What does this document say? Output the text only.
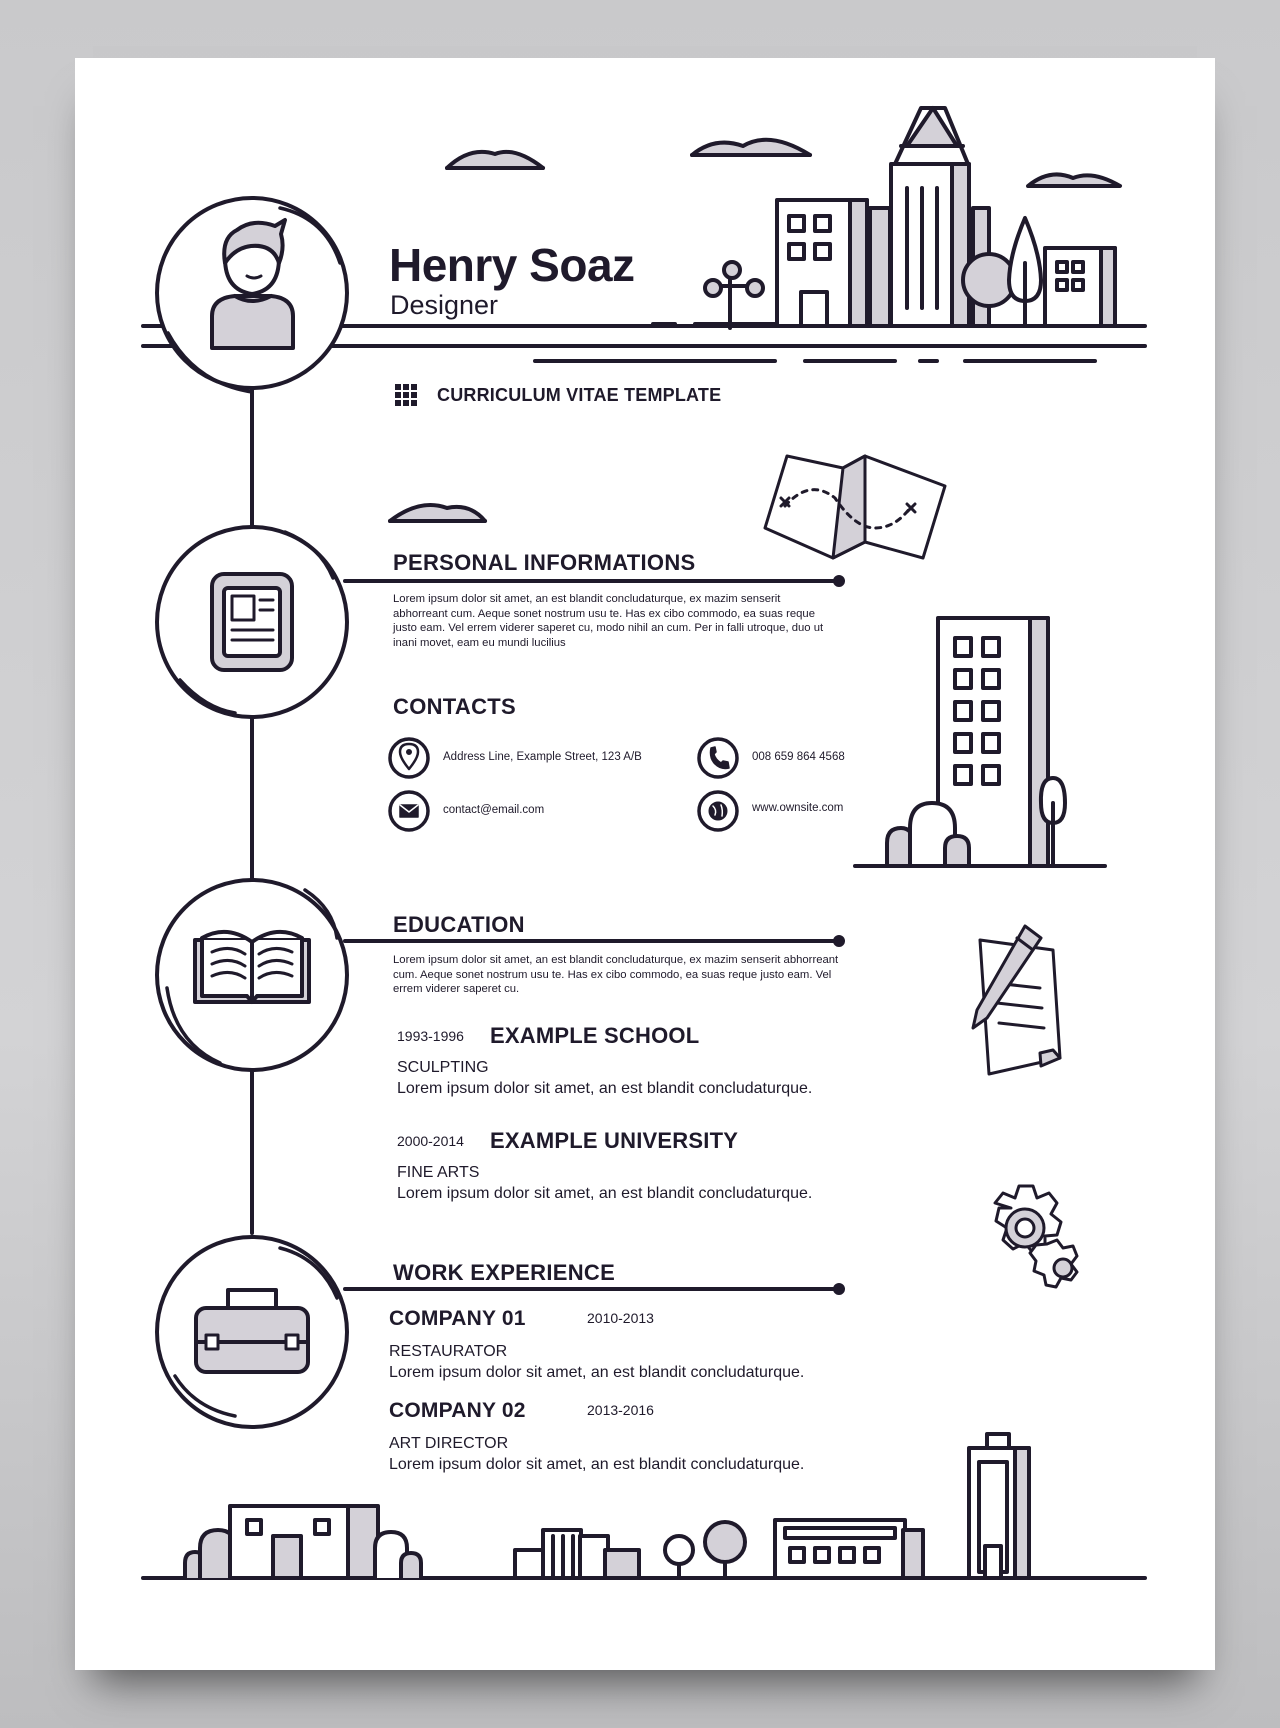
Henry Soaz
Designer
CURRICULUM VITAE TEMPLATE
PERSONAL INFORMATIONS
Lorem ipsum dolor sit amet, an est blandit concludaturque, ex mazim senserit abhorreant cum. Aeque sonet nostrum usu te. Has ex cibo commodo, ea suas reque justo eam. Vel errem viderer saperet cu, modo nihil an cum. Per in falli utroque, duo ut inani movet, eam eu mundi lucilius
CONTACTS
Address Line, Example Street, 123 A/B	008 659 864 4568
contact@email.com	www.ownsite.com
EDUCATION
Lorem ipsum dolor sit amet, an est blandit concludaturque, ex mazim senserit abhorreant cum. Aeque sonet nostrum usu te. Has ex cibo commodo, ea suas reque justo eam. Vel errem viderer saperet cu.
1993-1996 EXAMPLE SCHOOL
SCULPTING
Lorem ipsum dolor sit amet, an est blandit concludaturque.
2000-2014 EXAMPLE UNIVERSITY
FINE ARTS
Lorem ipsum dolor sit amet, an est blandit concludaturque.
WORK EXPERIENCE
COMPANY 01	2010-2013
RESTAURATOR
Lorem ipsum dolor sit amet, an est blandit concludaturque.
COMPANY 02	2013-2016
ART DIRECTOR
Lorem ipsum dolor sit amet, an est blandit concludaturque.
